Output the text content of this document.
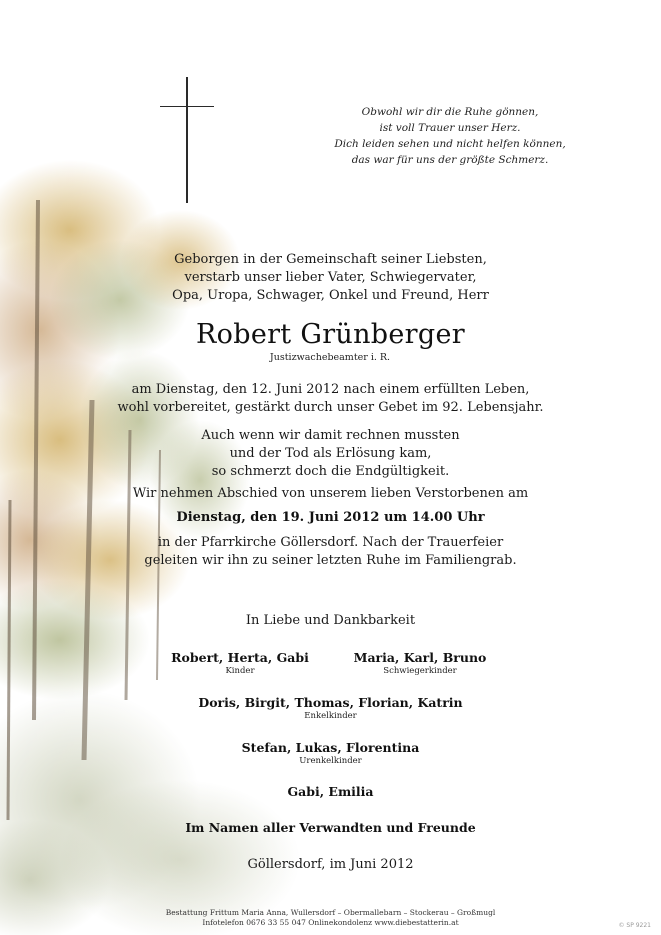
Obwohl wir dir die Ruhe gönnen,
ist voll Trauer unser Herz.
Dich leiden sehen und nicht helfen können,
das war für uns der größte Schmerz.
Geborgen in der Gemeinschaft seiner Liebsten,
verstarb unser lieber Vater, Schwiegervater,
Opa, Uropa, Schwager, Onkel und Freund, Herr
Robert Grünberger
Justizwachebeamter i. R.
am Dienstag, den 12. Juni 2012 nach einem erfüllten Leben,
wohl vorbereitet, gestärkt durch unser Gebet im 92. Lebensjahr.
Auch wenn wir damit rechnen mussten
und der Tod als Erlösung kam,
so schmerzt doch die Endgültigkeit.
Wir nehmen Abschied von unserem lieben Verstorbenen am
Dienstag, den 19. Juni 2012 um 14.00 Uhr
in der Pfarrkirche Göllersdorf. Nach der Trauerfeier
geleiten wir ihn zu seiner letzten Ruhe im Familiengrab.
In Liebe und Dankbarkeit
Robert, Herta, Gabi
Kinder
Maria, Karl, Bruno
Schwiegerkinder
Doris, Birgit, Thomas, Florian, Katrin
Enkelkinder
Stefan, Lukas, Florentina
Urenkelkinder
Gabi, Emilia
Im Namen aller Verwandten und Freunde
Göllersdorf, im Juni 2012
Bestattung Frittum Maria Anna, Wullersdorf – Obermallebarn – Stockerau – Großmugl
Infotelefon 0676 33 55 047 Onlinekondolenz www.diebestatterin.at	© SP 9221
